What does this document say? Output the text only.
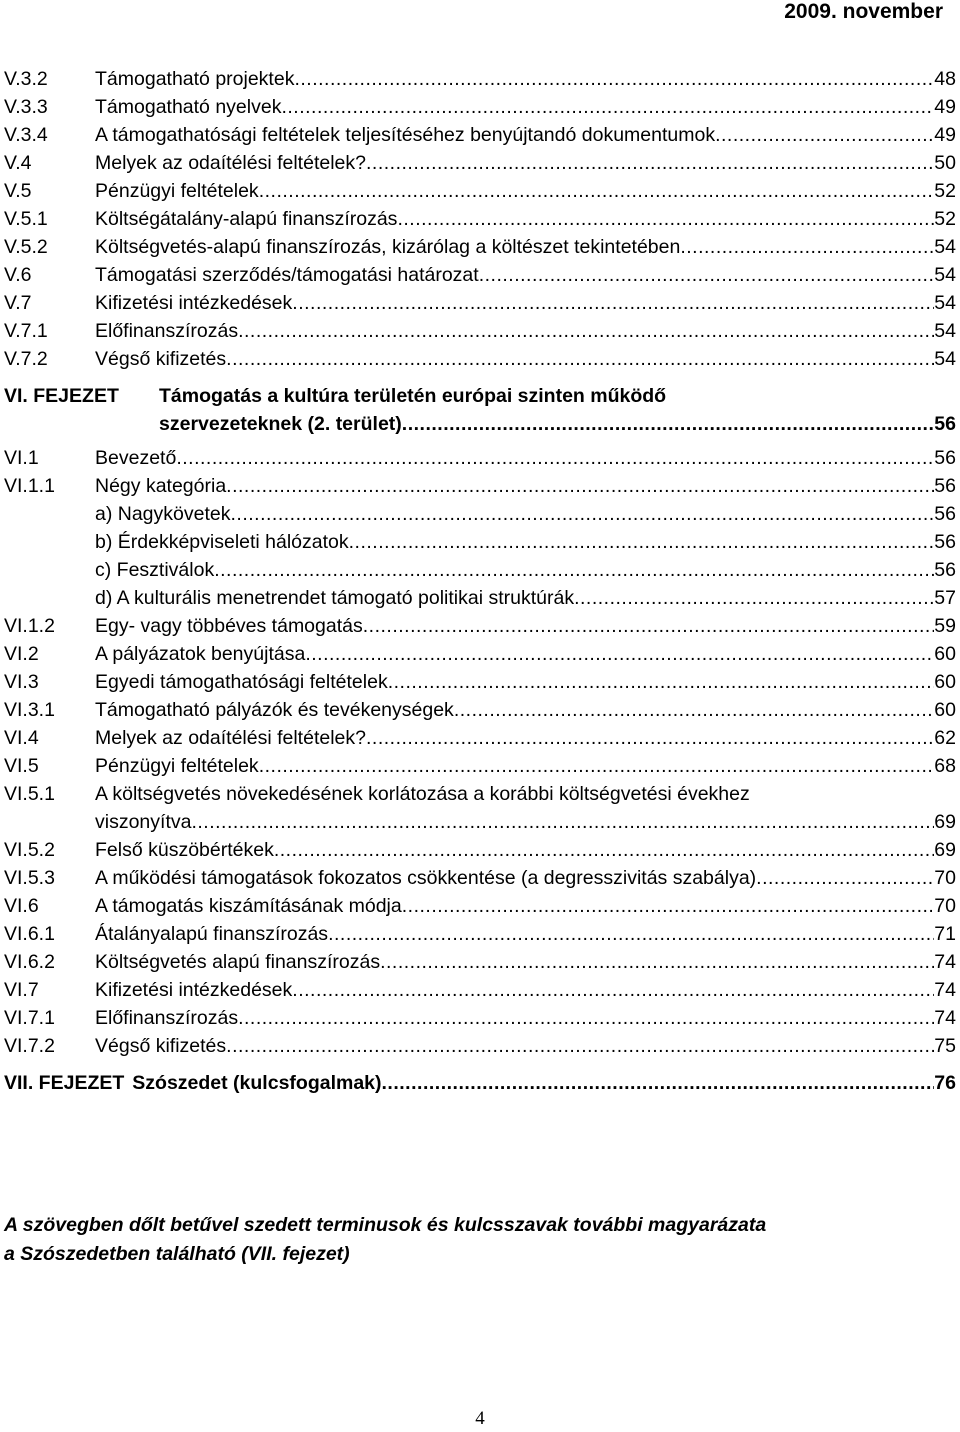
2009. november
V.3.2	Támogatható projektek .....	48
V.3.3	Támogatható nyelvek .....	49
V.3.4	A támogathatósági feltételek teljesítéséhez benyújtandó dokumentumok .....	49
V.4	Melyek az odaítélési feltételek? .....	50
V.5	Pénzügyi feltételek .....	52
V.5.1	Költségátalány-alapú finanszírozás .....	52
V.5.2	Költségvetés-alapú finanszírozás, kizárólag a költészet tekintetében .....	54
V.6	Támogatási szerződés/támogatási határozat .....	54
V.7	Kifizetési intézkedések .....	54
V.7.1	Előfinanszírozás .....	54
V.7.2	Végső kifizetés .....	54
VI. FEJEZET	Támogatás a kultúra területén európai szinten működő
szervezeteknek (2. terület) .....	56
VI.1	Bevezető .....	56
VI.1.1	Négy kategória .....	56
a) Nagykövetek .....	56
b) Érdekképviseleti hálózatok .....	56
c) Fesztiválok .....	56
d) A kulturális menetrendet támogató politikai struktúrák .....	57
VI.1.2	Egy- vagy többéves támogatás .....	59
VI.2	A pályázatok benyújtása .....	60
VI.3	Egyedi támogathatósági feltételek .....	60
VI.3.1	Támogatható pályázók és tevékenységek .....	60
VI.4	Melyek az odaítélési feltételek? .....	62
VI.5	Pénzügyi feltételek .....	68
VI.5.1	A költségvetés növekedésének korlátozása a korábbi költségvetési évekhez
viszonyítva .....	69
VI.5.2	Felső küszöbértékek .....	69
VI.5.3	A működési támogatások fokozatos csökkentése (a degresszivitás szabálya) .....	70
VI.6	A támogatás kiszámításának módja .....	70
VI.6.1	Átalányalapú finanszírozás .....	71
VI.6.2	Költségvetés alapú finanszírozás .....	74
VI.7	Kifizetési intézkedések .....	74
VI.7.1	Előfinanszírozás .....	74
VI.7.2	Végső kifizetés .....	75
VII. FEJEZET Szószedet (kulcsfogalmak) .....	76
A szövegben dőlt betűvel szedett terminusok és kulcsszavak további magyarázata
a Szószedetben található (VII. fejezet)
4
